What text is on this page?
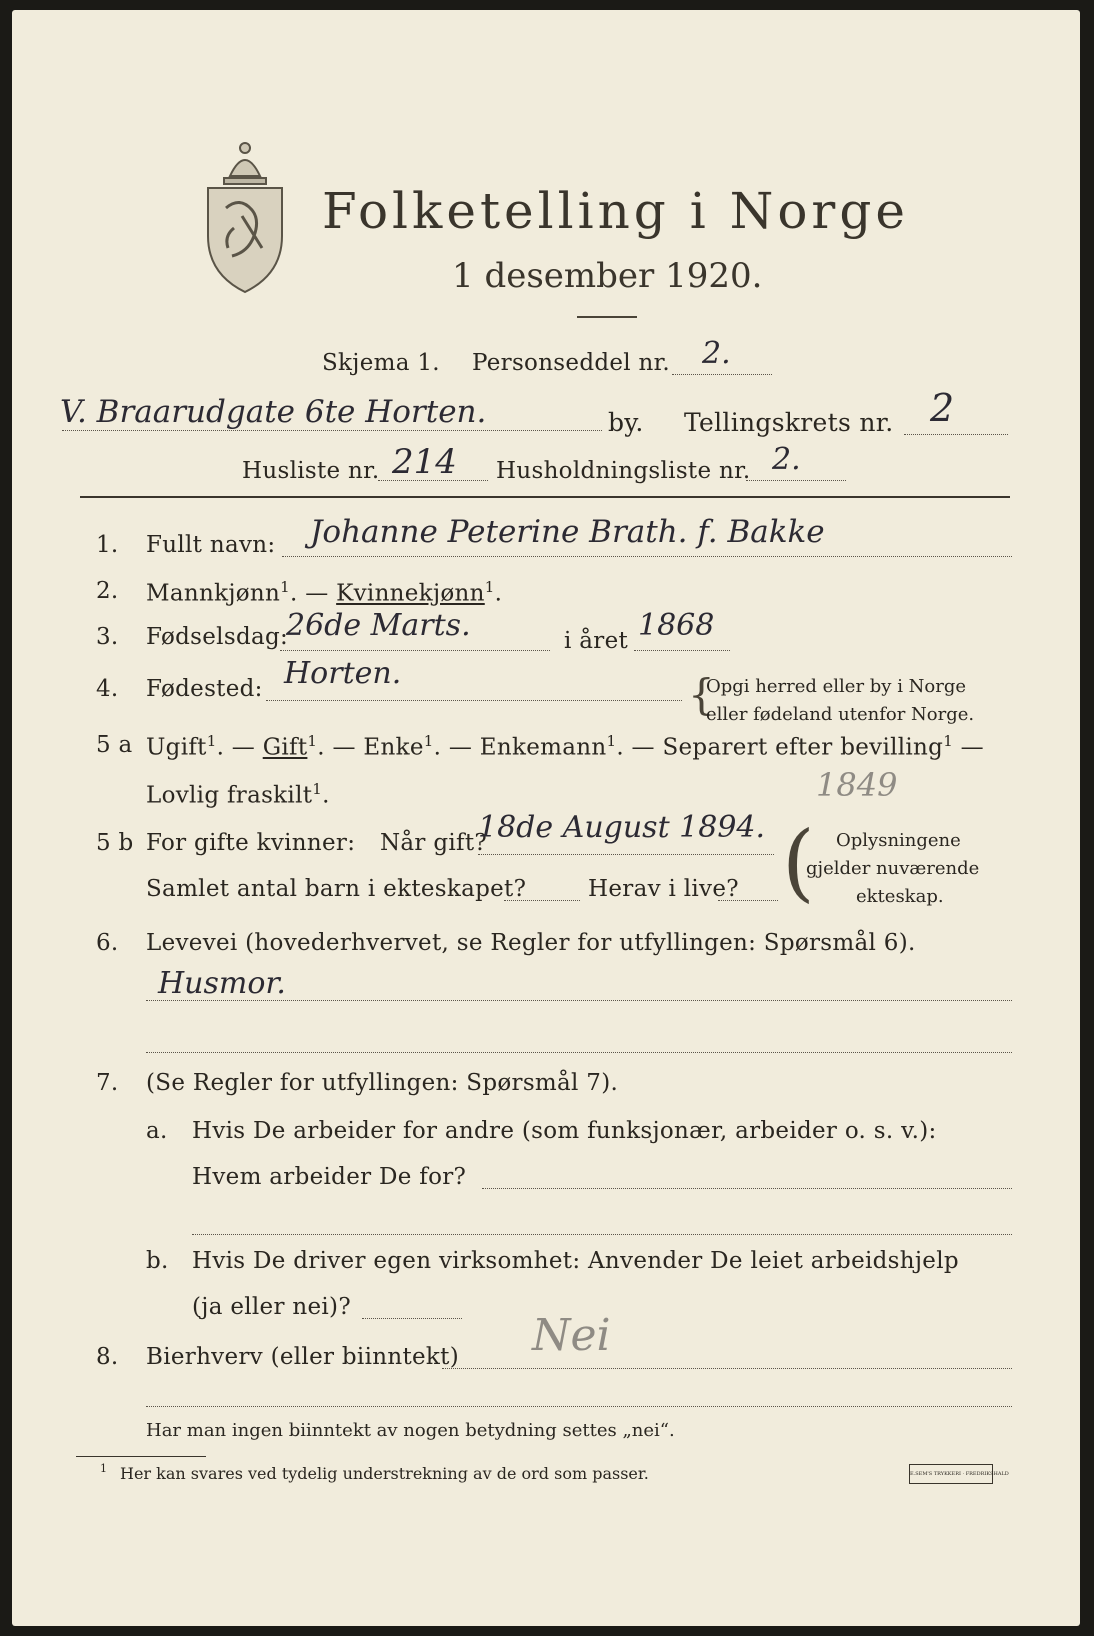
Folketelling i Norge
1 desember 1920.
Skjema 1. Personseddel nr. 2.
V. Braarudgate 6te Horten.	by. Tellingskrets nr. 2
Husliste nr. 214 Husholdningsliste nr. 2.
1. Fullt navn: Johanne Peterine Brath. f. Bakke
2. Mannkjønn$^1$. — Kvinnekjønn$^1$.
3. Fødselsdag:
26de Marts.	i året 1868
4. Fødested: Horten.	{
Opgi herred eller by i Norge
eller fødeland utenfor Norge.
5 a Ugift$^1$. — Gift$^1$. — Enke$^1$. — Enkemann$^1$. — Separert efter bevilling$^1$ —
Lovlig fraskilt$^1$.	1849
5 b For gifte kvinner: Når gift?
18de August 1894.
Samlet antal barn i ekteskapet?	Herav i live? ( Oplysningene
gjelder nuværende
ekteskap.
6. Levevei (hovederhvervet, se Regler for utfyllingen: Spørsmål 6).
Husmor.
7. (Se Regler for utfyllingen: Spørsmål 7).
a. Hvis De arbeider for andre (som funksjonær, arbeider o. s. v.):
Hvem arbeider De for?
b. Hvis De driver egen virksomhet: Anvender De leiet arbeidshjelp
(ja eller nei)?
8. Bierhverv (eller biinntekt) Nei
Har man ingen biinntekt av nogen betydning settes „nei“.
1 Her kan svares ved tydelig understrekning av de ord som passer.	E.SEM'S TRYKKERI · FREDRIKSHALD
